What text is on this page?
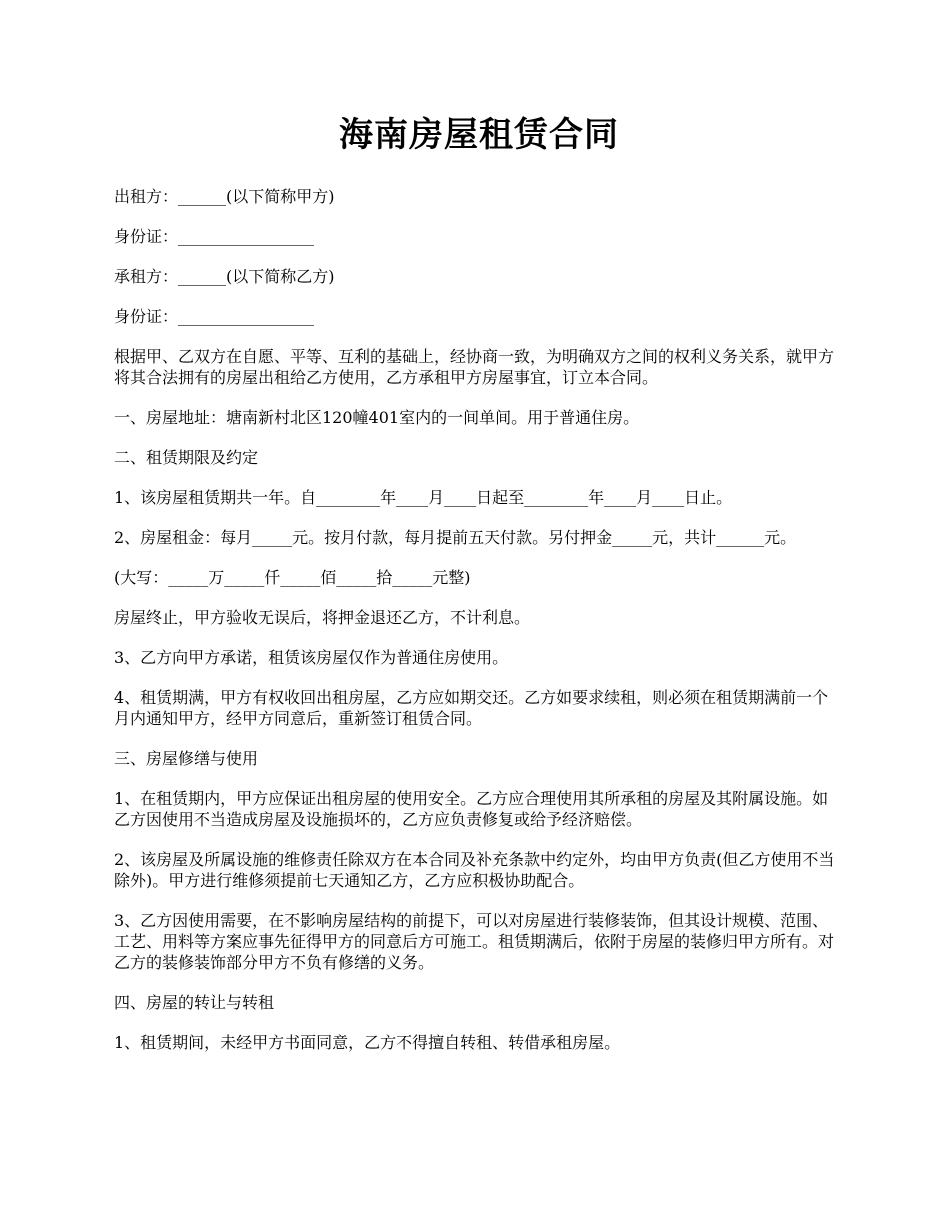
海南房屋租赁合同

出租方：______(以下简称甲方)

身份证：_________________

承租方：______(以下简称乙方)

身份证：_________________

根据甲、乙双方在自愿、平等、互利的基础上，经协商一致，为明确双方之间的权利义务关系，就甲方将其合法拥有的房屋出租给乙方使用，乙方承租甲方房屋事宜，订立本合同。

一、房屋地址：塘南新村北区120幢401室内的一间单间。用于普通住房。

二、租赁期限及约定

1、该房屋租赁期共一年。自________年____月____日起至________年____月____日止。

2、房屋租金：每月_____元。按月付款，每月提前五天付款。另付押金_____元，共计______元。

(大写：_____万_____仟_____佰_____拾_____元整)

房屋终止，甲方验收无误后，将押金退还乙方，不计利息。

3、乙方向甲方承诺，租赁该房屋仅作为普通住房使用。

4、租赁期满，甲方有权收回出租房屋，乙方应如期交还。乙方如要求续租，则必须在租赁期满前一个月内通知甲方，经甲方同意后，重新签订租赁合同。

三、房屋修缮与使用

1、在租赁期内，甲方应保证出租房屋的使用安全。乙方应合理使用其所承租的房屋及其附属设施。如乙方因使用不当造成房屋及设施损坏的，乙方应负责修复或给予经济赔偿。

2、该房屋及所属设施的维修责任除双方在本合同及补充条款中约定外，均由甲方负责(但乙方使用不当除外)。甲方进行维修须提前七天通知乙方，乙方应积极协助配合。

3、乙方因使用需要，在不影响房屋结构的前提下，可以对房屋进行装修装饰，但其设计规模、范围、工艺、用料等方案应事先征得甲方的同意后方可施工。租赁期满后，依附于房屋的装修归甲方所有。对乙方的装修装饰部分甲方不负有修缮的义务。

四、房屋的转让与转租

1、租赁期间，未经甲方书面同意，乙方不得擅自转租、转借承租房屋。
